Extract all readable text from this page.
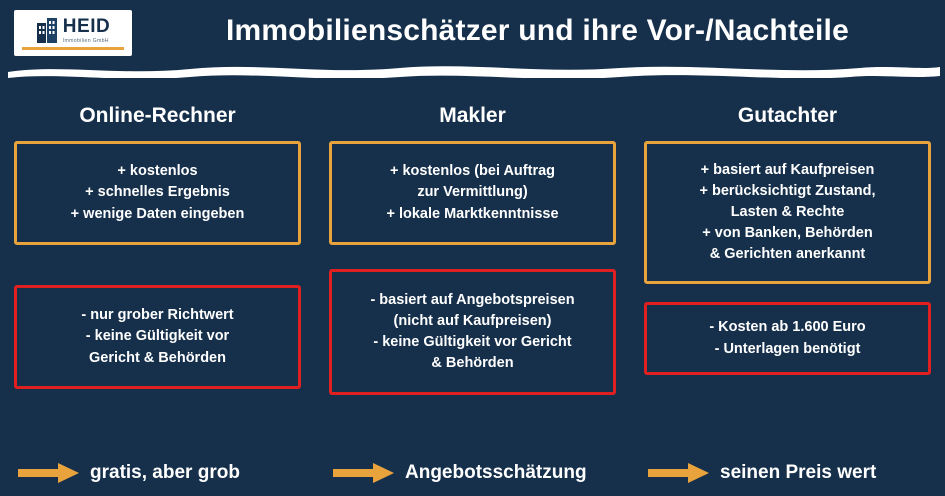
HEID
Immobilien GmbH	Immobilienschätzer und ihre Vor-/Nachteile
Online-Rechner
+ kostenlos
+ schnelles Ergebnis
+ wenige Daten eingeben
- nur grober Richtwert
- keine Gültigkeit vor
Gericht & Behörden
Makler
+ kostenlos (bei Auftrag
zur Vermittlung)
+ lokale Marktkenntnisse
- basiert auf Angebotspreisen
(nicht auf Kaufpreisen)
- keine Gültigkeit vor Gericht
& Behörden
Gutachter
+ basiert auf Kaufpreisen
+ berücksichtigt Zustand,
Lasten & Rechte
+ von Banken, Behörden
& Gerichten anerkannt
- Kosten ab 1.600 Euro
- Unterlagen benötigt
gratis, aber grob	Angebotsschätzung	seinen Preis wert
